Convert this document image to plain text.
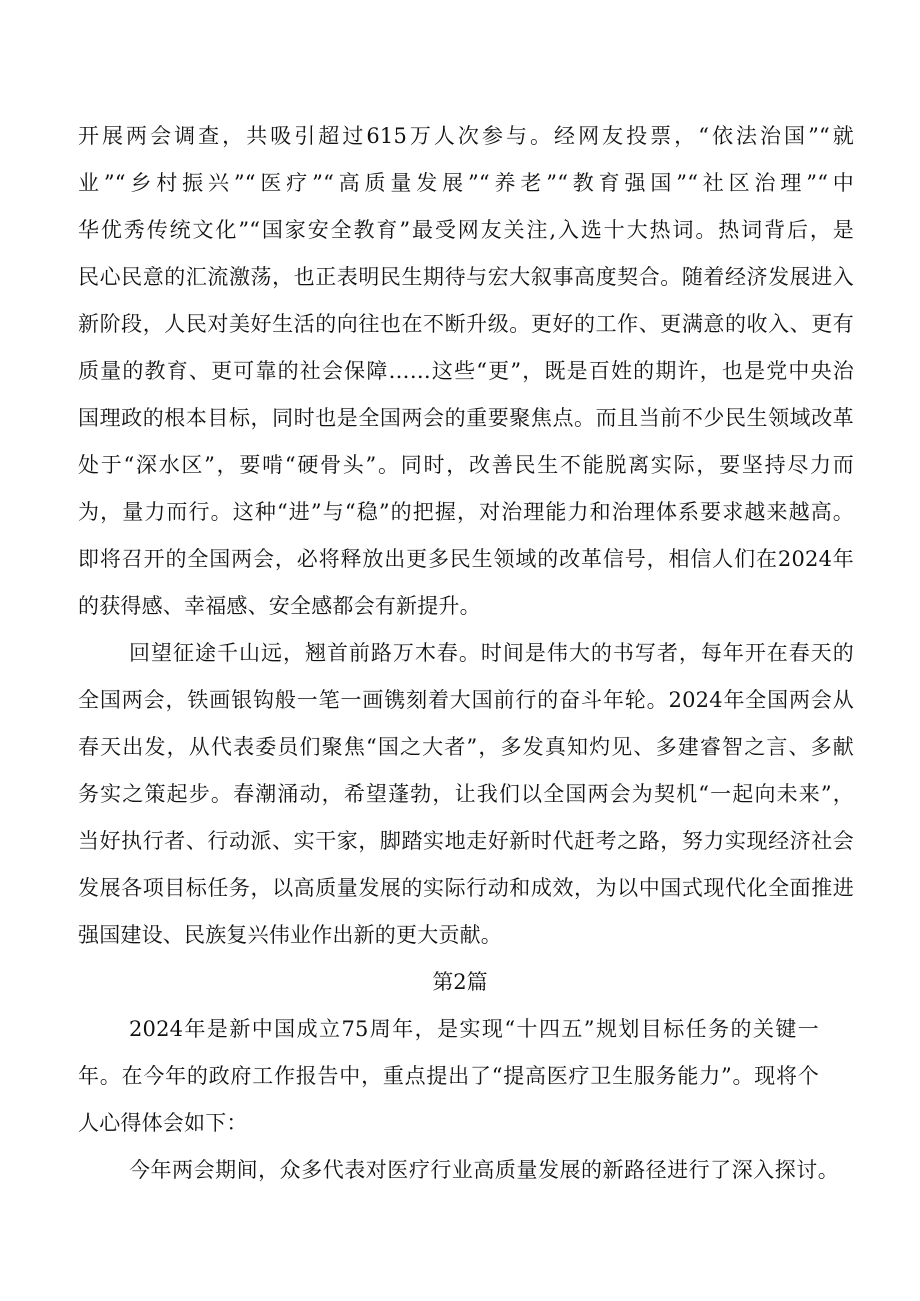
开展两会调查，共吸引超过615万人次参与。经网友投票，“依法治国”“就
业”“乡村振兴”“医疗”“高质量发展”“养老”“教育强国”“社区治理”“中
华优秀传统文化”“国家安全教育”最受网友关注,入选十大热词。热词背后，是
民心民意的汇流激荡，也正表明民生期待与宏大叙事高度契合。随着经济发展进入
新阶段，人民对美好生活的向往也在不断升级。更好的工作、更满意的收入、更有
质量的教育、更可靠的社会保障……这些“更”，既是百姓的期许，也是党中央治
国理政的根本目标，同时也是全国两会的重要聚焦点。而且当前不少民生领域改革
处于“深水区”，要啃“硬骨头”。同时，改善民生不能脱离实际，要坚持尽力而
为，量力而行。这种“进”与“稳”的把握，对治理能力和治理体系要求越来越高。
即将召开的全国两会，必将释放出更多民生领域的改革信号，相信人们在2024年
的获得感、幸福感、安全感都会有新提升。
回望征途千山远，翘首前路万木春。时间是伟大的书写者，每年开在春天的
全国两会，铁画银钩般一笔一画镌刻着大国前行的奋斗年轮。2024年全国两会从
春天出发，从代表委员们聚焦“国之大者”，多发真知灼见、多建睿智之言、多献
务实之策起步。春潮涌动，希望蓬勃，让我们以全国两会为契机“一起向未来”，
当好执行者、行动派、实干家，脚踏实地走好新时代赶考之路，努力实现经济社会
发展各项目标任务，以高质量发展的实际行动和成效，为以中国式现代化全面推进
强国建设、民族复兴伟业作出新的更大贡献。
第2篇
2024年是新中国成立75周年，是实现“十四五”规划目标任务的关键一
年。在今年的政府工作报告中，重点提出了“提高医疗卫生服务能力”。现将个
人心得体会如下：
今年两会期间，众多代表对医疗行业高质量发展的新路径进行了深入探讨。
